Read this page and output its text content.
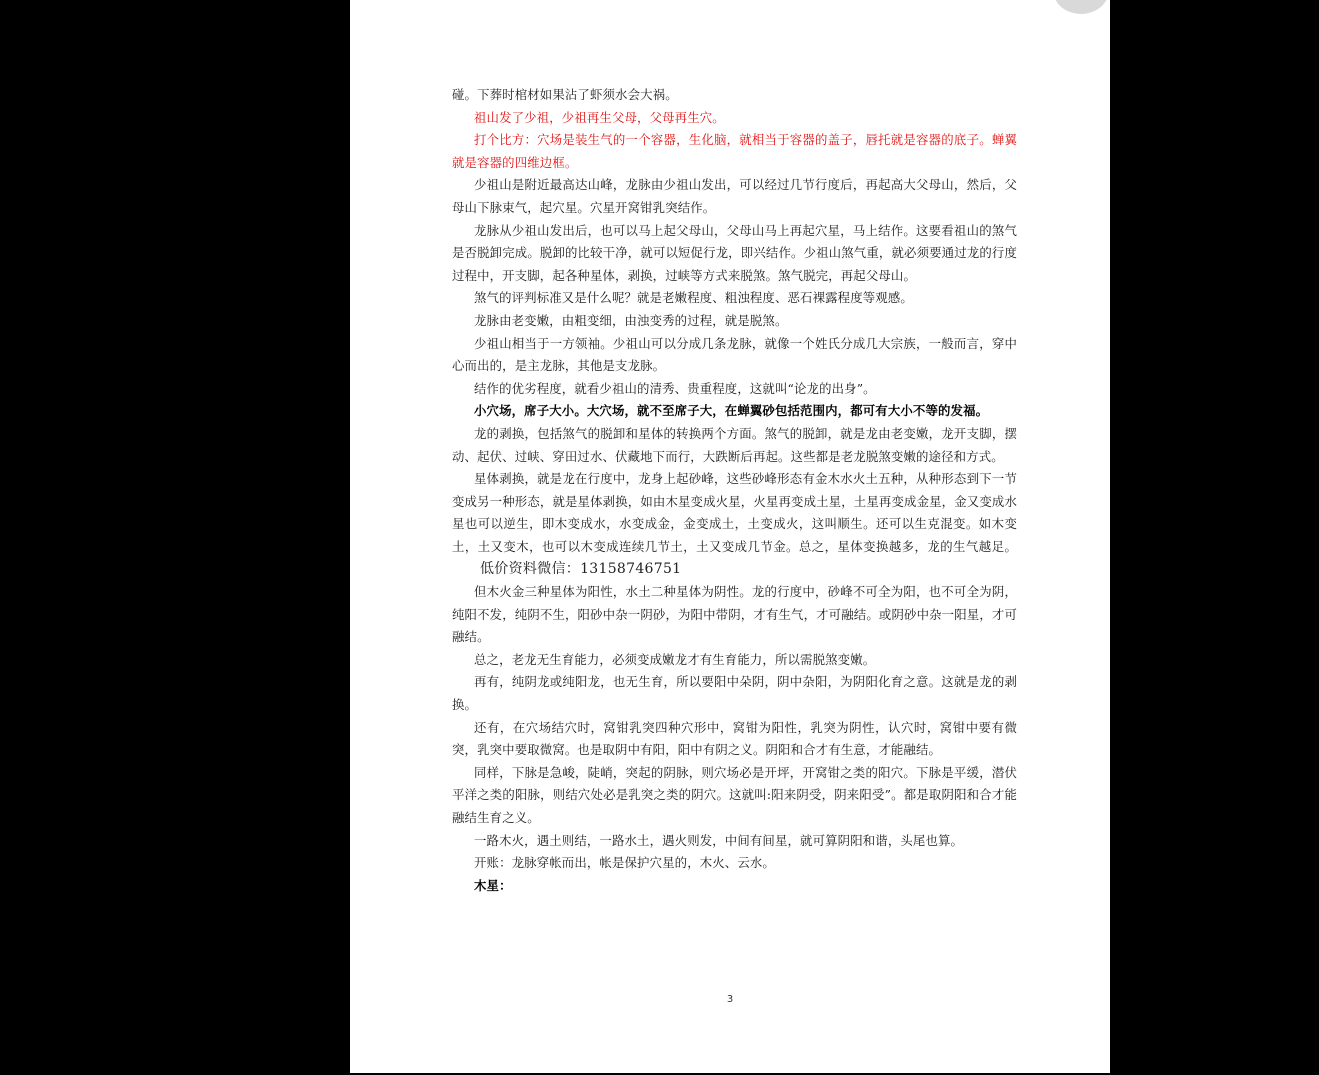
碰。下葬时棺材如果沾了虾须水会大祸。

祖山发了少祖，少祖再生父母，父母再生穴。

打个比方：穴场是装生气的一个容器，生化脑，就相当于容器的盖子，唇托就是容器的底子。蝉翼就是容器的四维边框。

少祖山是附近最高达山峰，龙脉由少祖山发出，可以经过几节行度后，再起高大父母山，然后，父母山下脉束气，起穴星。穴星开窝钳乳突结作。

龙脉从少祖山发出后，也可以马上起父母山，父母山马上再起穴星，马上结作。这要看祖山的煞气是否脱卸完成。脱卸的比较干净，就可以短促行龙，即兴结作。少祖山煞气重，就必须要通过龙的行度过程中，开支脚，起各种星体，剥换，过峡等方式来脱煞。煞气脱完，再起父母山。

煞气的评判标准又是什么呢？就是老嫩程度、粗浊程度、恶石裸露程度等观感。

龙脉由老变嫩，由粗变细，由浊变秀的过程，就是脱煞。

少祖山相当于一方领袖。少祖山可以分成几条龙脉，就像一个姓氏分成几大宗族，一般而言，穿中心而出的，是主龙脉，其他是支龙脉。

结作的优劣程度，就看少祖山的清秀、贵重程度，这就叫“论龙的出身”。

小穴场，席子大小。大穴场，就不至席子大，在蝉翼砂包括范围内，都可有大小不等的发福。

龙的剥换，包括煞气的脱卸和星体的转换两个方面。煞气的脱卸，就是龙由老变嫩，龙开支脚，摆动、起伏、过峡、穿田过水、伏藏地下而行，大跌断后再起。这些都是老龙脱煞变嫩的途径和方式。

星体剥换，就是龙在行度中，龙身上起砂峰，这些砂峰形态有金木水火土五种，从种形态到下一节变成另一种形态，就是星体剥换，如由木星变成火星，火星再变成土星，土星再变成金星，金又变成水星也可以逆生，即木变成水，水变成金，金变成土，土变成火，这叫顺生。还可以生克混变。如木变土，土又变木，也可以木变成连续几节土，土又变成几节金。总之，星体变换越多，龙的生气越足。低价资料微信：13158746751

但木火金三种星体为阳性，水土二种星体为阴性。龙的行度中，砂峰不可全为阳，也不可全为阴，纯阳不发，纯阴不生，阳砂中杂一阴砂，为阳中带阴，才有生气，才可融结。或阴砂中杂一阳星，才可融结。

总之，老龙无生育能力，必须变成嫩龙才有生育能力，所以需脱煞变嫩。

再有，纯阴龙或纯阳龙，也无生育，所以要阳中朵阴，阴中杂阳，为阴阳化育之意。这就是龙的剥换。

还有，在穴场结穴时，窝钳乳突四种穴形中，窝钳为阳性，乳突为阴性，认穴时，窝钳中要有微突，乳突中要取微窝。也是取阴中有阳，阳中有阴之义。阴阳和合才有生意，才能融结。

同样，下脉是急峻，陡峭，突起的阴脉，则穴场必是开坪，开窝钳之类的阳穴。下脉是平缓，潜伏平洋之类的阳脉，则结穴处必是乳突之类的阴穴。这就叫:阳来阴受，阴来阳受”。都是取阴阳和合才能融结生育之义。

一路木火，遇土则结，一路水土，遇火则发，中间有间星，就可算阴阳和谐，头尾也算。

开账：龙脉穿帐而出，帐是保护穴星的，木火、云水。

木星：

3
